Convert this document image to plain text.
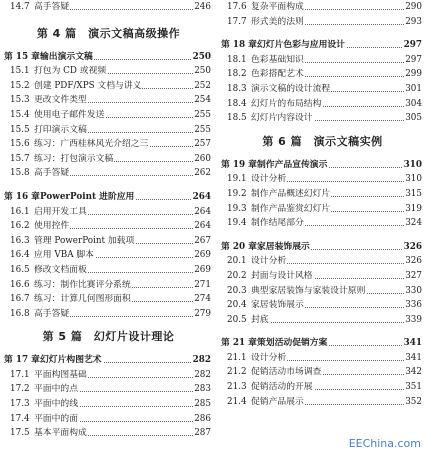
14.7 高手答疑	246
第 4 篇　演示文稿高级操作
第 15 章 输出演示文稿	250
15.1 打包为 CD 或视频	250
15.2 创建 PDF/XPS 文档与讲义	252
15.3 更改文件类型	254
15.4 使用电子邮件发送	255
15.5 打印演示文稿	255
15.6 练习：广西桂林风光介绍之三	257
15.7 练习：打包演示文稿	260
15.8 高手答疑	262
第 16 章 PowerPoint 进阶应用	264
16.1 启用开发工具	264
16.2 使用控件	264
16.3 管理 PowerPoint 加载项	267
16.4 应用 VBA 脚本	269
16.5 修改文档面板	269
16.6 练习：制作比赛评分系统	271
16.7 练习：计算几何图形面积	274
16.8 高手答疑	279
第 5 篇　幻灯片设计理论
第 17 章 幻灯片构图艺术	282
17.1 平面构图基础	282
17.2 平面中的点	283
17.3 平面中的线	285
17.4 平面中的面	286
17.5 基本平面构成	287
17.6 复杂平面构成	290
17.7 形式美的法则	293
第 18 章 幻灯片色彩与应用设计	297
18.1 色彩基础知识	297
18.2 色彩搭配艺术	299
18.3 演示文稿的设计流程	301
18.4 幻灯片的布局结构	304
18.5 幻灯片内容设计	305
第 6 篇　演示文稿实例
第 19 章 制作产品宣传演示	310
19.1 设计分析	310
19.2 制作产品概述幻灯片	315
19.3 制作产品鉴赏幻灯片	319
19.4 制作结尾部分	324
第 20 章 家居装饰展示	326
20.1 设计分析	326
20.2 封面与设计风格	327
20.3 典型家居装饰与家装设计原则	330
20.4 家居装饰展示	336
20.5 封底	339
第 21 章 策划活动促销方案	341
21.1 设计分析	341
21.2 促销活动市场调查	342
21.3 促销活动的开展	351
21.4 促销产品展示	352
EEChina.com
